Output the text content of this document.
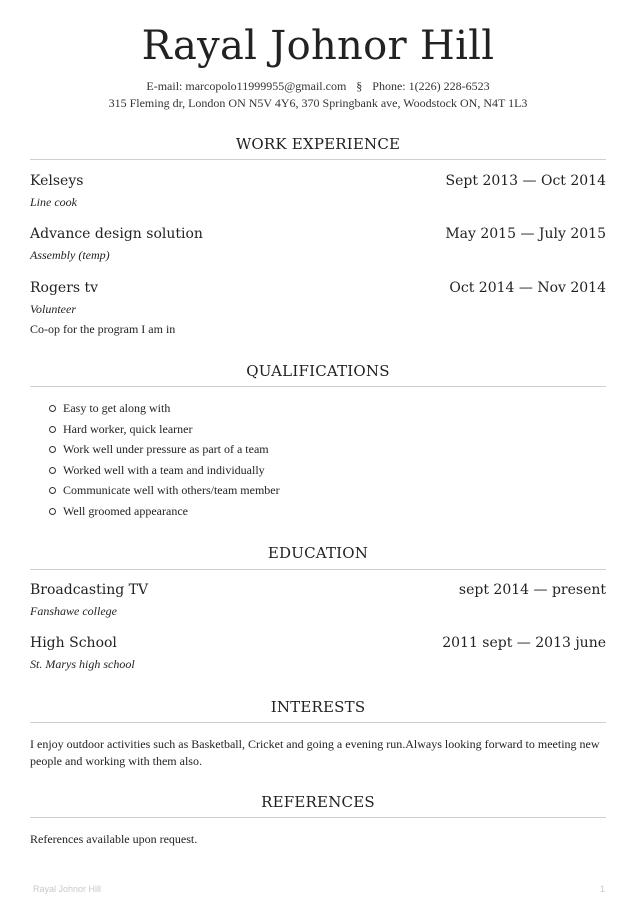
Rayal Johnor Hill
E-mail: marcopolo11999955@gmail.com § Phone: 1(226) 228-6523
315 Fleming dr, London ON N5V 4Y6, 370 Springbank ave, Woodstock ON, N4T 1L3
WORK EXPERIENCE
Kelseys	Sept 2013 — Oct 2014
Line cook
Advance design solution	May 2015 — July 2015
Assembly (temp)
Rogers tv	Oct 2014 — Nov 2014
Volunteer
Co-op for the program I am in
QUALIFICATIONS
Easy to get along with
Hard worker, quick learner
Work well under pressure as part of a team
Worked well with a team and individually
Communicate well with others/team member
Well groomed appearance
EDUCATION
Broadcasting TV	sept 2014 — present
Fanshawe college
High School	2011 sept — 2013 june
St. Marys high school
INTERESTS
I enjoy outdoor activities such as Basketball, Cricket and going a evening run.Always looking forward to meeting new people and working with them also.
REFERENCES
References available upon request.
Rayal Johnor Hill	1
